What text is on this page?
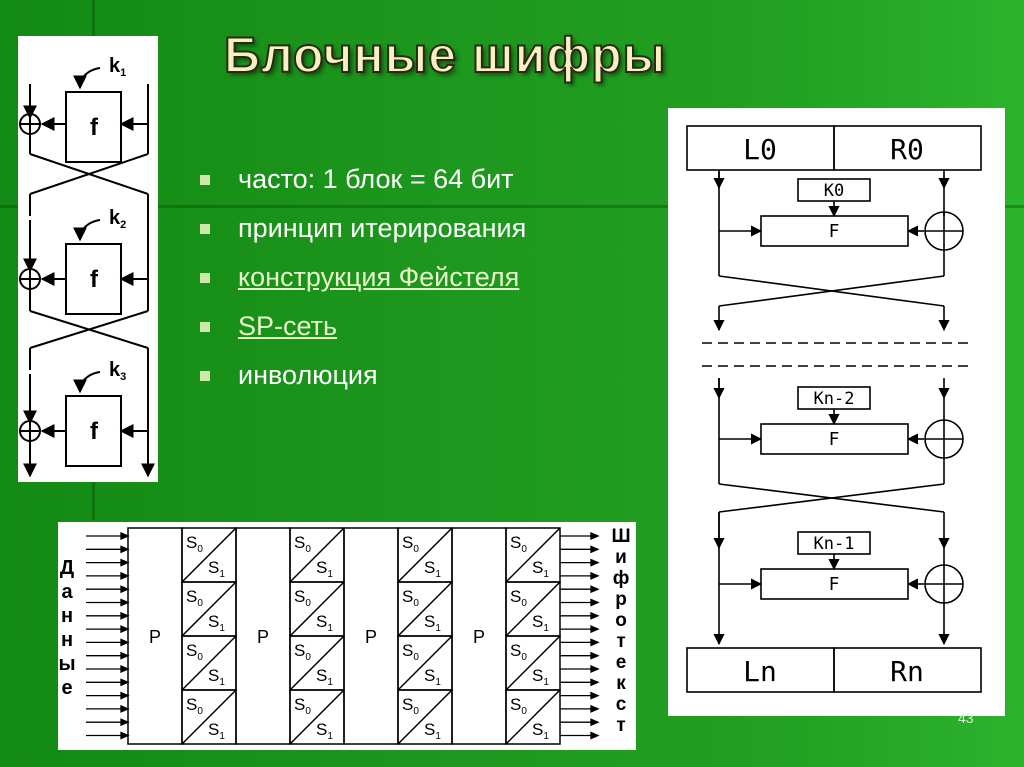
Блочные шифры
часто: 1 блок = 64 бит
принцип итерирования
конструкция Фейстеля
SP-сеть
инволюция
f
f
f
$k_1$
$k_2$
$k_3$
L0	R0
K0
F
Kn-2
F
Kn-1
F
Ln	Rn
P
$S_0$
$S_1$
$S_0$
$S_1$
$S_0$
$S_1$
$S_0$
$S_1$
P
$S_0$
$S_1$
$S_0$
$S_1$
$S_0$
$S_1$
$S_0$
$S_1$
P
$S_0$
$S_1$
$S_0$
$S_1$
$S_0$
$S_1$
$S_0$
$S_1$
P
$S_0$
$S_1$
$S_0$
$S_1$
$S_0$
$S_1$
$S_0$
$S_1$
Д
а
н
н
ы
е
Ш
и
ф
р
о
т
е
к
с
т	43
